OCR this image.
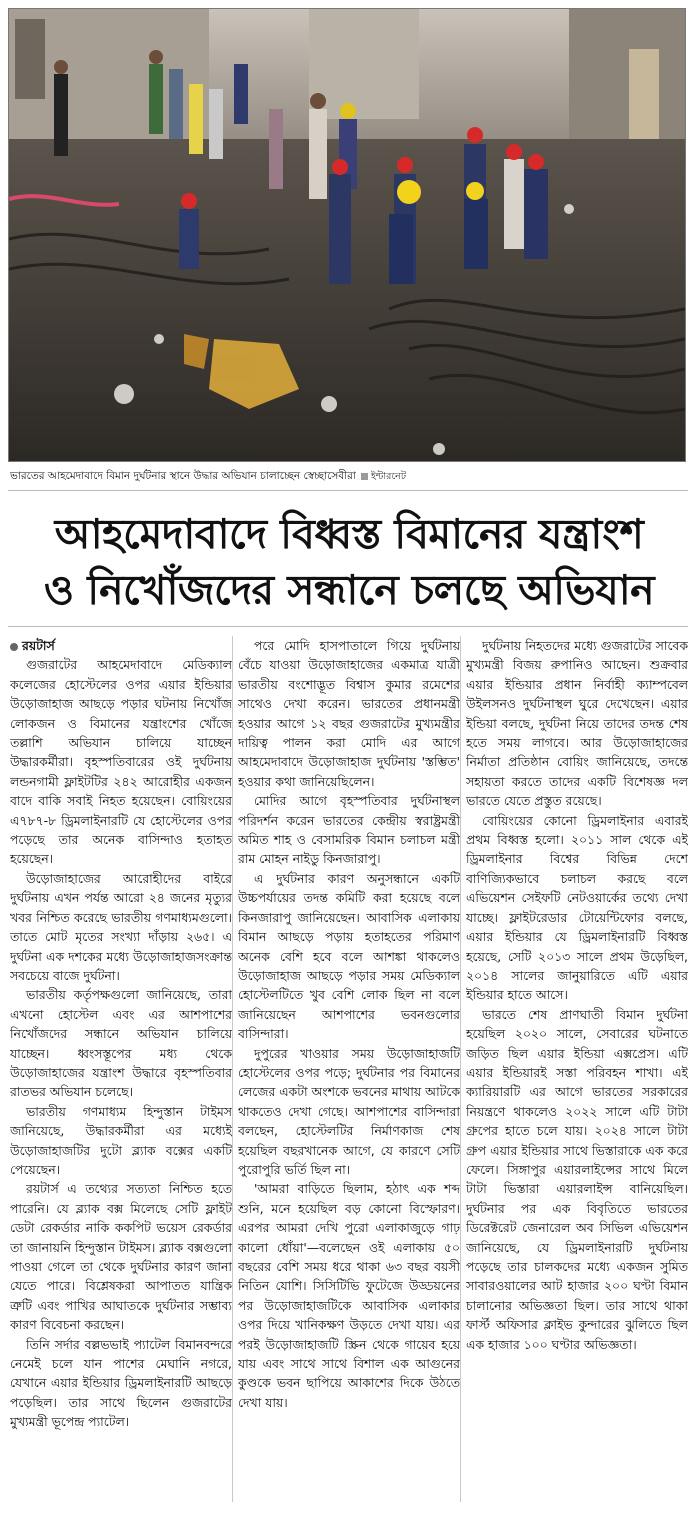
ভারতের আহমেদাবাদে বিমান দুর্ঘটনার স্থানে উদ্ধার অভিযান চালাচ্ছেন স্বেচ্ছাসেবীরা ইন্টারনেট
আহমেদাবাদে বিধ্বস্ত বিমানের যন্ত্রাংশ
ও নিখোঁজদের সন্ধানে চলছে অভিযান

রয়টার্স

গুজরাটের আহমেদাবাদে মেডিক্যাল কলেজের হোস্টেলের ওপর এয়ার ইন্ডিয়ার উড়োজাহাজ আছড়ে পড়ার ঘটনায় নিখোঁজ লোকজন ও বিমানের যন্ত্রাংশের খোঁজে তল্লাশি অভিযান চালিয়ে যাচ্ছেন উদ্ধারকর্মীরা। বৃহস্পতিবারের ওই দুর্ঘটনায় লন্ডনগামী ফ্লাইটটির ২৪২ আরোহীর একজন বাদে বাকি সবাই নিহত হয়েছেন। বোয়িংয়ের এ৭৮৭-৮ ড্রিমলাইনারটি যে হোস্টেলের ওপর পড়েছে তার অনেক বাসিন্দাও হতাহত হয়েছেন।

উড়োজাহাজের আরোহীদের বাইরে দুর্ঘটনায় এখন পর্যন্ত আরো ২৪ জনের মৃত্যুর খবর নিশ্চিত করেছে ভারতীয় গণমাধ্যমগুলো। তাতে মোট মৃতের সংখ্যা দাঁড়ায় ২৬৫। এ দুর্ঘটনা এক দশকের মধ্যে উড়োজাহাজসংক্রান্ত সবচেয়ে বাজে দুর্ঘটনা।

ভারতীয় কর্তৃপক্ষগুলো জানিয়েছে, তারা এখনো হোস্টেল এবং এর আশপাশের নিখোঁজদের সন্ধানে অভিযান চালিয়ে যাচ্ছেন। ধ্বংসস্তূপের মধ্য থেকে উড়োজাহাজের যন্ত্রাংশ উদ্ধারে বৃহস্পতিবার রাতভর অভিযান চলেছে।

ভারতীয় গণমাধ্যম হিন্দুস্তান টাইমস জানিয়েছে, উদ্ধারকর্মীরা এর মধ্যেই উড়োজাহাজটির দুটো ব্ল্যাক বক্সের একটি পেয়েছেন।

রয়টার্স এ তথ্যের সত্যতা নিশ্চিত হতে পারেনি। যে ব্ল্যাক বক্স মিলেছে সেটি ফ্লাইট ডেটা রেকর্ডার নাকি ককপিট ভয়েস রেকর্ডার তা জানায়নি হিন্দুস্তান টাইমস। ব্ল্যাক বক্সগুলো পাওয়া গেলে তা থেকে দুর্ঘটনার কারণ জানা যেতে পারে। বিশ্লেষকরা আপাতত যান্ত্রিক ত্রুটি এবং পাখির আঘাতকে দুর্ঘটনার সম্ভাব্য কারণ বিবেচনা করছেন।

তিনি সর্দার বল্লভভাই প্যাটেল বিমানবন্দরে নেমেই চলে যান পাশের মেঘানি নগরে, যেখানে এয়ার ইন্ডিয়ার ড্রিমলাইনারটি আছড়ে পড়েছিল। তার সাথে ছিলেন গুজরাটের মুখ্যমন্ত্রী ভূপেন্দ্র প্যাটেল।

পরে মোদি হাসপাতালে গিয়ে দুর্ঘটনায় বেঁচে যাওয়া উড়োজাহাজের একমাত্র যাত্রী ভারতীয় বংশোদ্ভূত বিশ্বাস কুমার রমেশের সাথেও দেখা করেন। ভারতের প্রধানমন্ত্রী হওয়ার আগে ১২ বছর গুজরাটের মুখ্যমন্ত্রীর দায়িত্ব পালন করা মোদি এর আগে আহমেদাবাদে উড়োজাহাজ দুর্ঘটনায় 'স্তম্ভিত' হওয়ার কথা জানিয়েছিলেন।

মোদির আগে বৃহস্পতিবার দুর্ঘটনাস্থল পরিদর্শন করেন ভারতের কেন্দ্রীয় স্বরাষ্ট্রমন্ত্রী অমিত শাহ ও বেসামরিক বিমান চলাচল মন্ত্রী রাম মোহন নাইডু কিনজারাপু।

এ দুর্ঘটনার কারণ অনুসন্ধানে একটি উচ্চপর্যায়ের তদন্ত কমিটি করা হয়েছে বলে কিনজারাপু জানিয়েছেন। আবাসিক এলাকায় বিমান আছড়ে পড়ায় হতাহতের পরিমাণ অনেক বেশি হবে বলে আশঙ্কা থাকলেও উড়োজাহাজ আছড়ে পড়ার সময় মেডিক্যাল হোস্টেলটিতে খুব বেশি লোক ছিল না বলে জানিয়েছেন আশপাশের ভবনগুলোর বাসিন্দারা।

দুপুরের খাওয়ার সময় উড়োজাহাজটি হোস্টেলের ওপর পড়ে; দুর্ঘটনার পর বিমানের লেজের একটা অংশকে ভবনের মাথায় আটকে থাকতেও দেখা গেছে। আশপাশের বাসিন্দারা বলছেন, হোস্টেলটির নির্মাণকাজ শেষ হয়েছিল বছরখানেক আগে, যে কারণে সেটি পুরোপুরি ভর্তি ছিল না।

'আমরা বাড়িতে ছিলাম, হঠাৎ এক শব্দ শুনি, মনে হয়েছিল বড় কোনো বিস্ফোরণ। এরপর আমরা দেখি পুরো এলাকাজুড়ে গাঢ় কালো ধোঁয়া'—বলেছেন ওই এলাকায় ৫০ বছরের বেশি সময় ধরে থাকা ৬৩ বছর বয়সী নিতিন যোশি। সিসিটিভি ফুটেজে উড্ডয়নের পর উড়োজাহাজটিকে আবাসিক এলাকার ওপর দিয়ে খানিকক্ষণ উড়তে দেখা যায়। এর পরই উড়োজাহাজটি স্ক্রিন থেকে গায়েব হয়ে যায় এবং সাথে সাথে বিশাল এক আগুনের কুণ্ডকে ভবন ছাপিয়ে আকাশের দিকে উঠতে দেখা যায়।

দুর্ঘটনায় নিহতদের মধ্যে গুজরাটের সাবেক মুখ্যমন্ত্রী বিজয় রুপানিও আছেন। শুক্রবার এয়ার ইন্ডিয়ার প্রধান নির্বাহী ক্যাম্পবেল উইলসনও দুর্ঘটনাস্থল ঘুরে দেখেছেন। এয়ার ইন্ডিয়া বলছে, দুর্ঘটনা নিয়ে তাদের তদন্ত শেষ হতে সময় লাগবে। আর উড়োজাহাজের নির্মাতা প্রতিষ্ঠান বোয়িং জানিয়েছে, তদন্তে সহায়তা করতে তাদের একটি বিশেষজ্ঞ দল ভারতে যেতে প্রস্তুত রয়েছে।

বোয়িংয়ের কোনো ড্রিমলাইনার এবারই প্রথম বিধ্বস্ত হলো। ২০১১ সাল থেকে এই ড্রিমলাইনার বিশ্বের বিভিন্ন দেশে বাণিজ্যিকভাবে চলাচল করছে বলে এভিয়েশন সেইফটি নেটওয়ার্কের তথ্যে দেখা যাচ্ছে। ফ্লাইটরেডার টোয়েন্টিফোর বলছে, এয়ার ইন্ডিয়ার যে ড্রিমলাইনারটি বিধ্বস্ত হয়েছে, সেটি ২০১৩ সালে প্রথম উড়েছিল, ২০১৪ সালের জানুয়ারিতে এটি এয়ার ইন্ডিয়ার হাতে আসে।

ভারতে শেষ প্রাণঘাতী বিমান দুর্ঘটনা হয়েছিল ২০২০ সালে, সেবারের ঘটনাতে জড়িত ছিল এয়ার ইন্ডিয়া এক্সপ্রেস। এটি এয়ার ইন্ডিয়ারই সস্তা পরিবহন শাখা। এই ক্যারিয়ারটি এর আগে ভারতের সরকারের নিয়ন্ত্রণে থাকলেও ২০২২ সালে এটি টাটা গ্রুপের হাতে চলে যায়। ২০২৪ সালে টাটা গ্রুপ এয়ার ইন্ডিয়ার সাথে ভিস্তারাকে এক করে ফেলে। সিঙ্গাপুর এয়ারলাইন্সের সাথে মিলে টাটা ভিস্তারা এয়ারলাইন্স বানিয়েছিল। দুর্ঘটনার পর এক বিবৃতিতে ভারতের ডিরেক্টরেট জেনারেল অব সিভিল এভিয়েশন জানিয়েছে, যে ড্রিমলাইনারটি দুর্ঘটনায় পড়েছে তার চালকদের মধ্যে একজন সুমিত সাবারওয়ালের আট হাজার ২০০ ঘণ্টা বিমান চালানোর অভিজ্ঞতা ছিল। তার সাথে থাকা ফার্স্ট অফিসার ক্লাইভ কুন্দারের ঝুলিতে ছিল এক হাজার ১০০ ঘণ্টার অভিজ্ঞতা।
